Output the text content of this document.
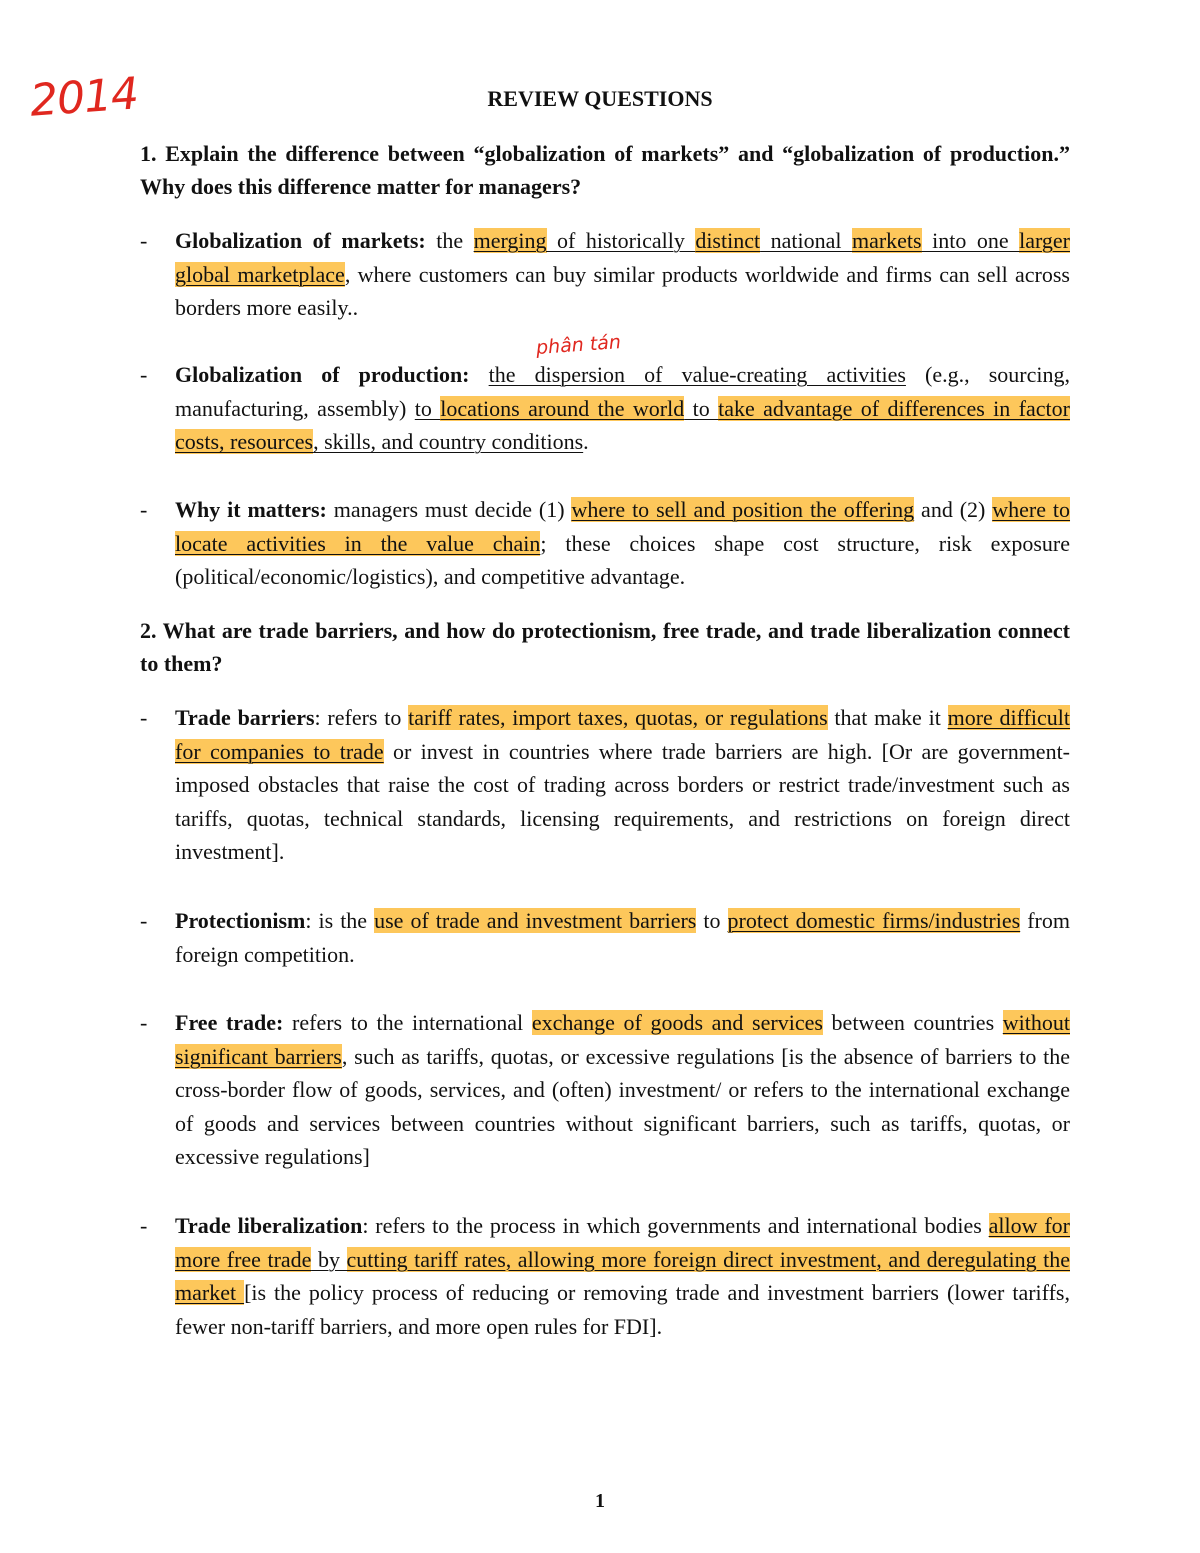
2014
phân tán
REVIEW QUESTIONS
1. Explain the difference between “globalization of markets” and “globalization of production.” Why does this difference matter for managers?
- Globalization of markets: the merging of historically distinct national markets into one larger global marketplace, where customers can buy similar products worldwide and firms can sell across borders more easily..
- Globalization of production: the dispersion of value-creating activities (e.g., sourcing, manufacturing, assembly) to locations around the world to take advantage of differences in factor costs, resources, skills, and country conditions.
- Why it matters: managers must decide (1) where to sell and position the offering and (2) where to locate activities in the value chain; these choices shape cost structure, risk exposure (political/economic/logistics), and competitive advantage.
2. What are trade barriers, and how do protectionism, free trade, and trade liberalization connect to them?
- Trade barriers: refers to tariff rates, import taxes, quotas, or regulations that make it more difficult for companies to trade or invest in countries where trade barriers are high. [Or are government-imposed obstacles that raise the cost of trading across borders or restrict trade/investment such as tariffs, quotas, technical standards, licensing requirements, and restrictions on foreign direct investment].
- Protectionism: is the use of trade and investment barriers to protect domestic firms/industries from foreign competition.
- Free trade: refers to the international exchange of goods and services between countries without significant barriers, such as tariffs, quotas, or excessive regulations [is the absence of barriers to the cross-border flow of goods, services, and (often) investment/ or refers to the international exchange of goods and services between countries without significant barriers, such as tariffs, quotas, or excessive regulations]
- Trade liberalization: refers to the process in which governments and international bodies allow for more free trade by cutting tariff rates, allowing more foreign direct investment, and deregulating the market [is the policy process of reducing or removing trade and investment barriers (lower tariffs, fewer non-tariff barriers, and more open rules for FDI].
1
